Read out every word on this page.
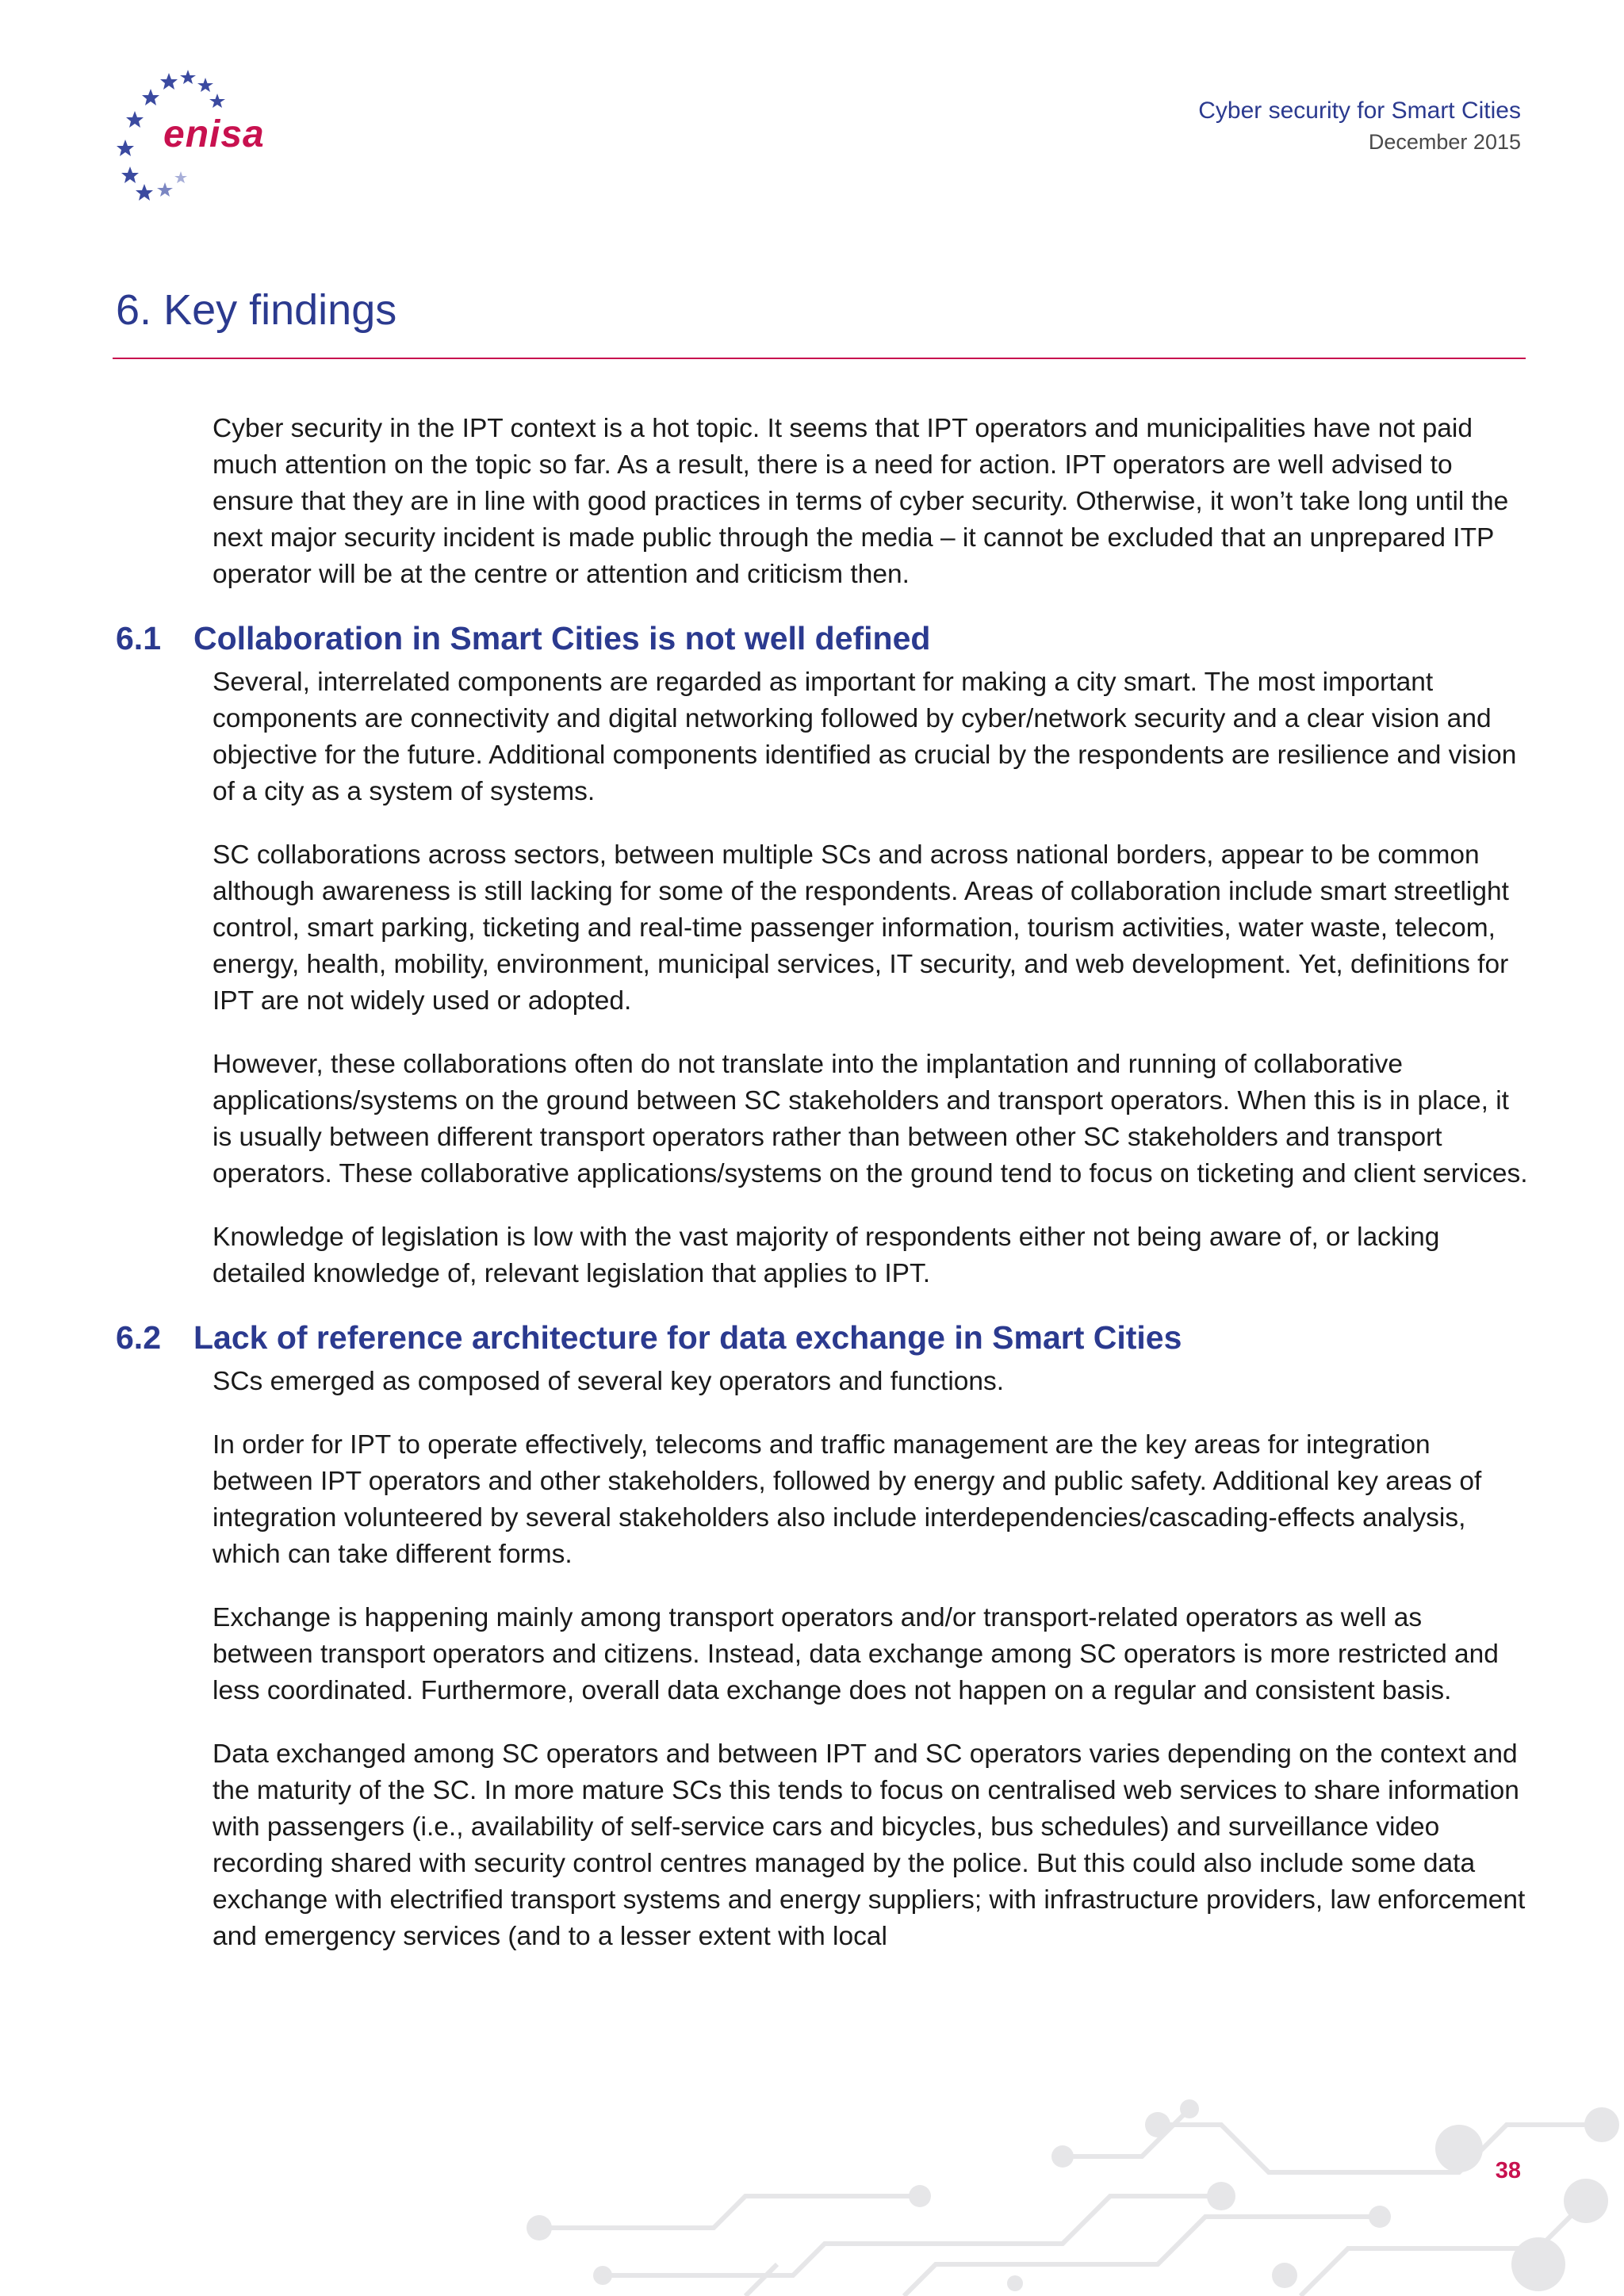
enisa
Cyber security for Smart Cities
December 2015
6. Key findings

Cyber security in the IPT context is a hot topic. It seems that IPT operators and municipalities have not paid much attention on the topic so far. As a result, there is a need for action. IPT operators are well advised to ensure that they are in line with good practices in terms of cyber security. Otherwise, it won’t take long until the next major security incident is made public through the media – it cannot be excluded that an unprepared ITP operator will be at the centre or attention and criticism then.

6.1	Collaboration in Smart Cities is not well defined

Several, interrelated components are regarded as important for making a city smart. The most important components are connectivity and digital networking followed by cyber/network security and a clear vision and objective for the future. Additional components identified as crucial by the respondents are resilience and vision of a city as a system of systems.

SC collaborations across sectors, between multiple SCs and across national borders, appear to be common although awareness is still lacking for some of the respondents. Areas of collaboration include smart streetlight control, smart parking, ticketing and real-time passenger information, tourism activities, water waste, telecom, energy, health, mobility, environment, municipal services, IT security, and web development. Yet, definitions for IPT are not widely used or adopted.

However, these collaborations often do not translate into the implantation and running of collaborative applications/systems on the ground between SC stakeholders and transport operators. When this is in place, it is usually between different transport operators rather than between other SC stakeholders and transport operators. These collaborative applications/systems on the ground tend to focus on ticketing and client services.

Knowledge of legislation is low with the vast majority of respondents either not being aware of, or lacking detailed knowledge of, relevant legislation that applies to IPT.

6.2	Lack of reference architecture for data exchange in Smart Cities

SCs emerged as composed of several key operators and functions.

In order for IPT to operate effectively, telecoms and traffic management are the key areas for integration between IPT operators and other stakeholders, followed by energy and public safety. Additional key areas of integration volunteered by several stakeholders also include interdependencies/cascading-effects analysis, which can take different forms.

Exchange is happening mainly among transport operators and/or transport-related operators as well as between transport operators and citizens. Instead, data exchange among SC operators is more restricted and less coordinated. Furthermore, overall data exchange does not happen on a regular and consistent basis.

Data exchanged among SC operators and between IPT and SC operators varies depending on the context and the maturity of the SC. In more mature SCs this tends to focus on centralised web services to share information with passengers (i.e., availability of self-service cars and bicycles, bus schedules) and surveillance video recording shared with security control centres managed by the police. But this could also include some data exchange with electrified transport systems and energy suppliers; with infrastructure providers, law enforcement and emergency services (and to a lesser extent with local

38
